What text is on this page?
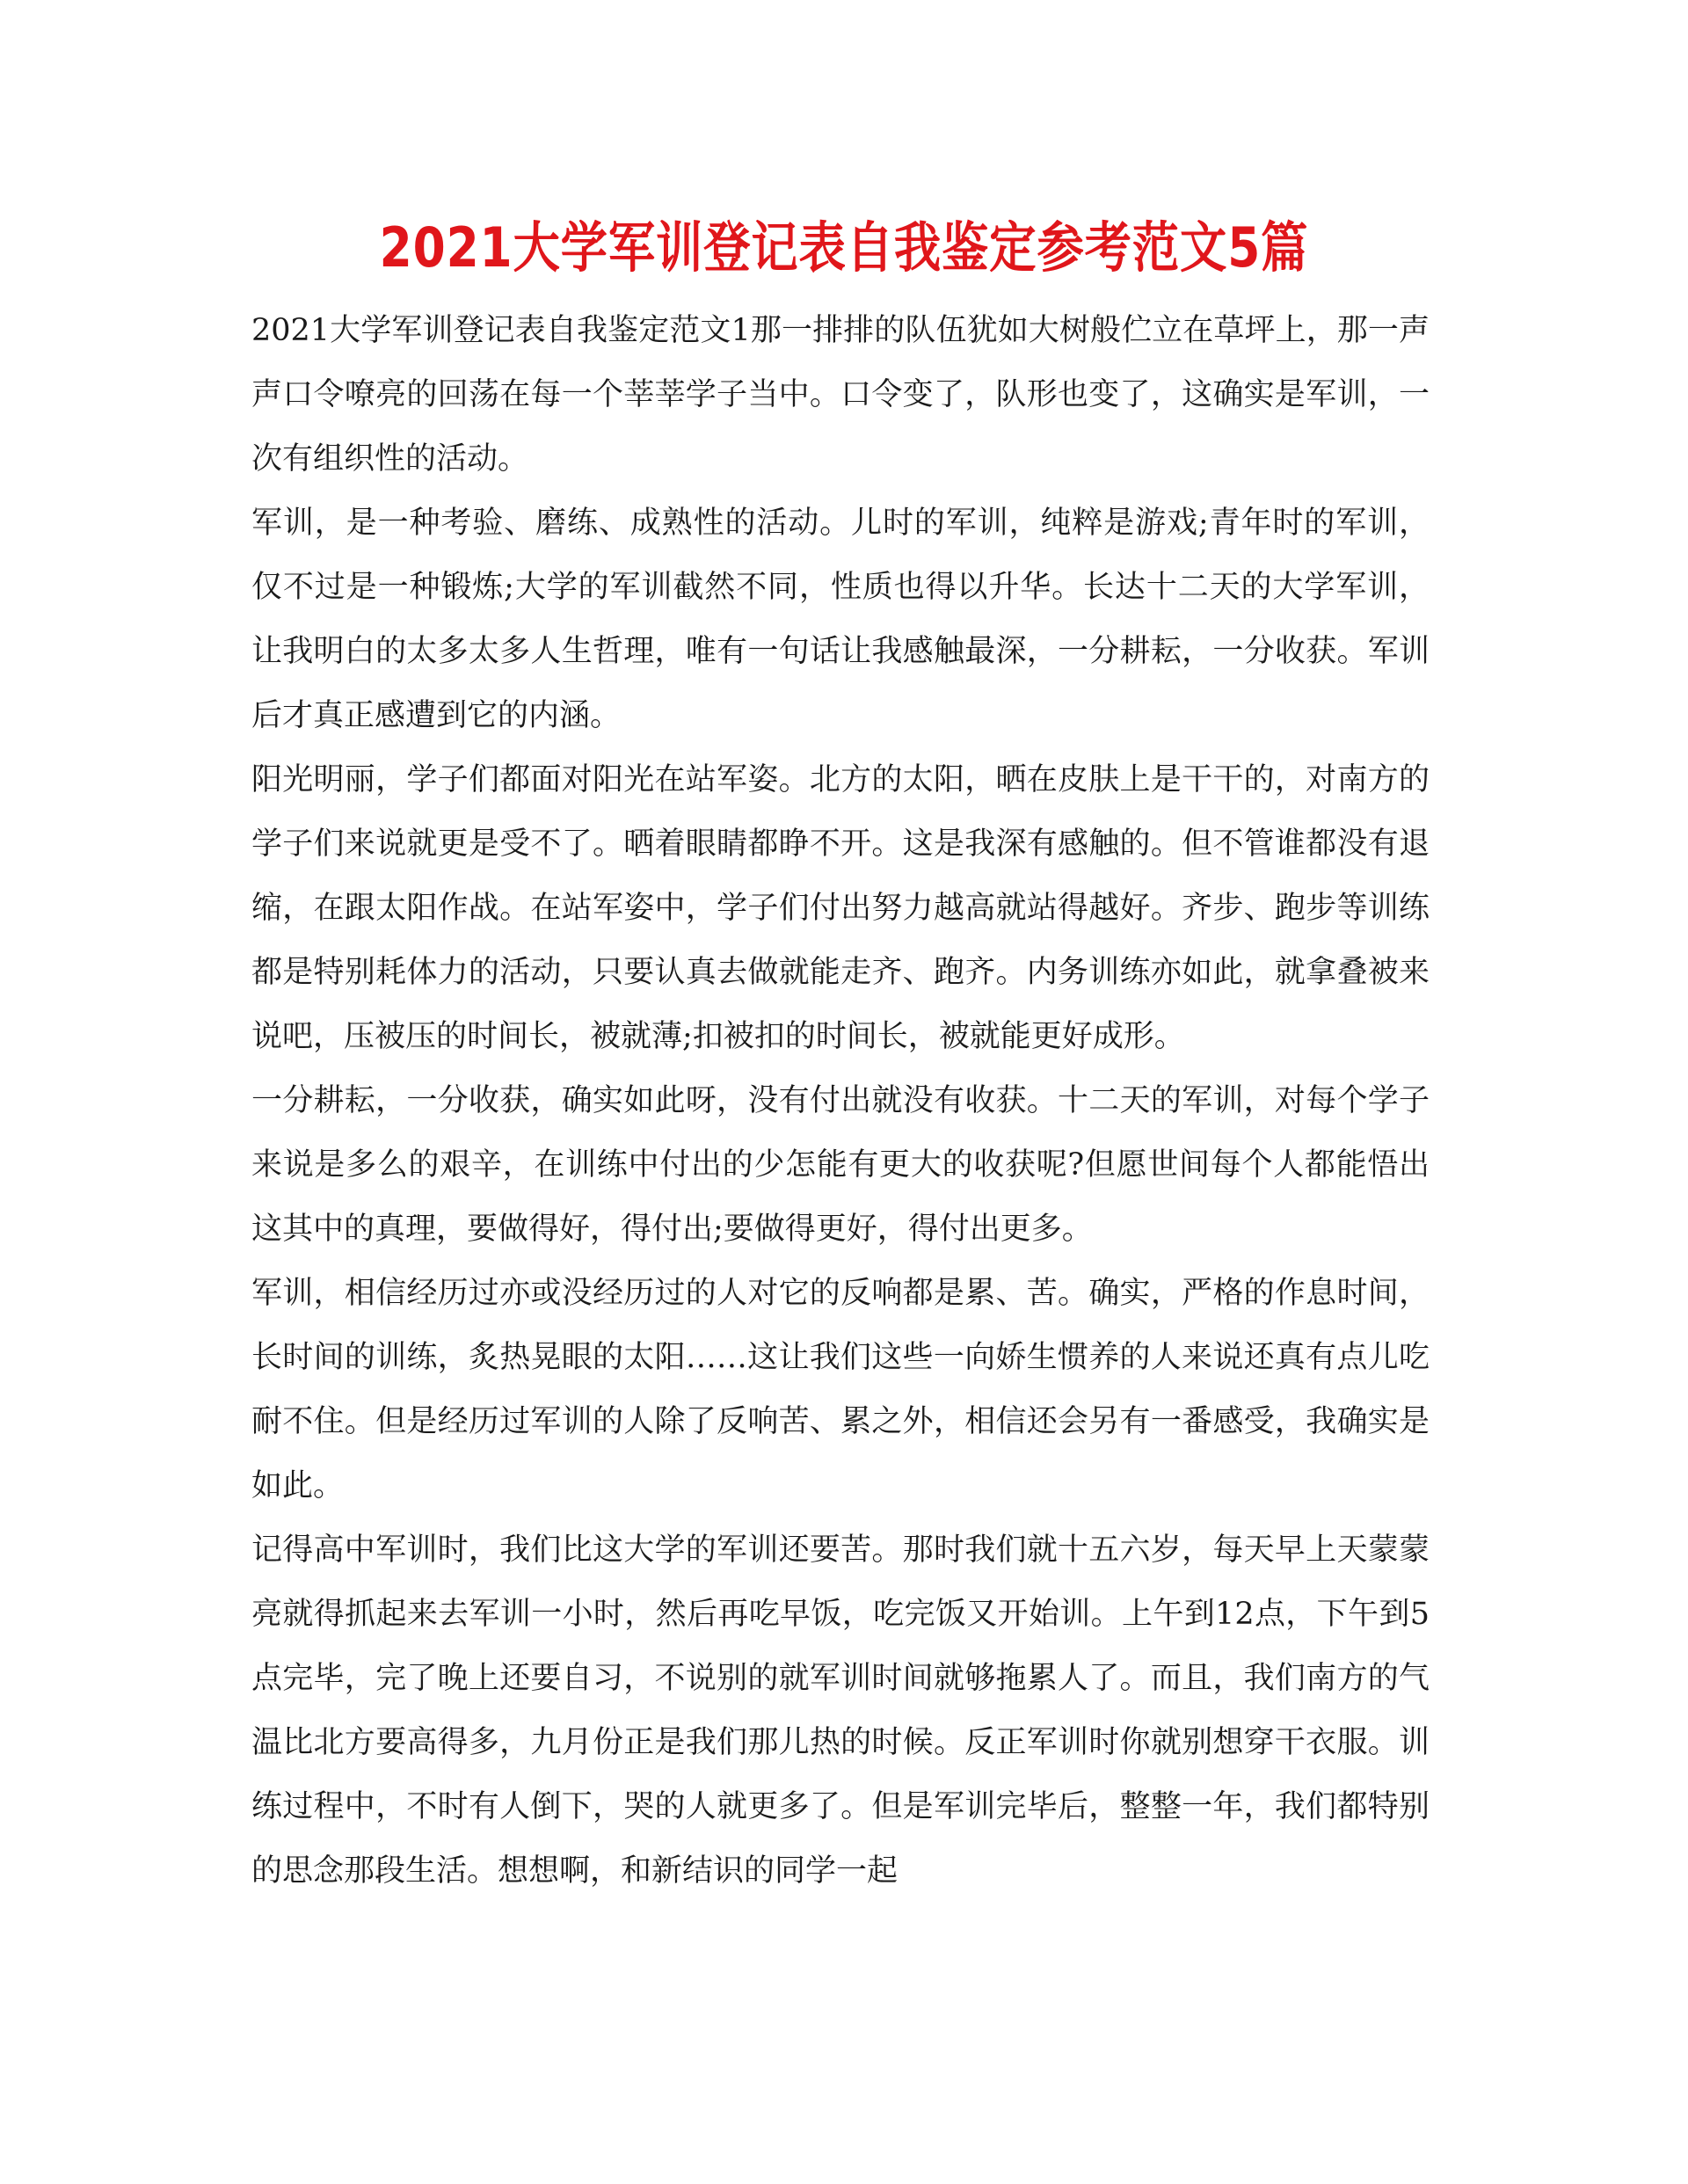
2021大学军训登记表自我鉴定参考范文5篇

2021大学军训登记表自我鉴定范文1那一排排的队伍犹如大树般伫立在草坪上，那一声声口令嘹亮的回荡在每一个莘莘学子当中。口令变了，队形也变了，这确实是军训，一次有组织性的活动。

军训，是一种考验、磨练、成熟性的活动。儿时的军训，纯粹是游戏;青年时的军训，仅不过是一种锻炼;大学的军训截然不同，性质也得以升华。长达十二天的大学军训，让我明白的太多太多人生哲理，唯有一句话让我感触最深，一分耕耘，一分收获。军训后才真正感遭到它的内涵。

阳光明丽，学子们都面对阳光在站军姿。北方的太阳，晒在皮肤上是干干的，对南方的学子们来说就更是受不了。晒着眼睛都睁不开。这是我深有感触的。但不管谁都没有退缩，在跟太阳作战。在站军姿中，学子们付出努力越高就站得越好。齐步、跑步等训练都是特别耗体力的活动，只要认真去做就能走齐、跑齐。内务训练亦如此，就拿叠被来说吧，压被压的时间长，被就薄;扣被扣的时间长，被就能更好成形。

一分耕耘，一分收获，确实如此呀，没有付出就没有收获。十二天的军训，对每个学子来说是多么的艰辛，在训练中付出的少怎能有更大的收获呢?但愿世间每个人都能悟出这其中的真理，要做得好，得付出;要做得更好，得付出更多。

军训，相信经历过亦或没经历过的人对它的反响都是累、苦。确实，严格的作息时间，长时间的训练，炙热晃眼的太阳……这让我们这些一向娇生惯养的人来说还真有点儿吃耐不住。但是经历过军训的人除了反响苦、累之外，相信还会另有一番感受，我确实是如此。

记得高中军训时，我们比这大学的军训还要苦。那时我们就十五六岁，每天早上天蒙蒙亮就得抓起来去军训一小时，然后再吃早饭，吃完饭又开始训。上午到12点，下午到5点完毕，完了晚上还要自习，不说别的就军训时间就够拖累人了。而且，我们南方的气温比北方要高得多，九月份正是我们那儿热的时候。反正军训时你就别想穿干衣服。训练过程中，不时有人倒下，哭的人就更多了。但是军训完毕后，整整一年，我们都特别的思念那段生活。想想啊，和新结识的同学一起
